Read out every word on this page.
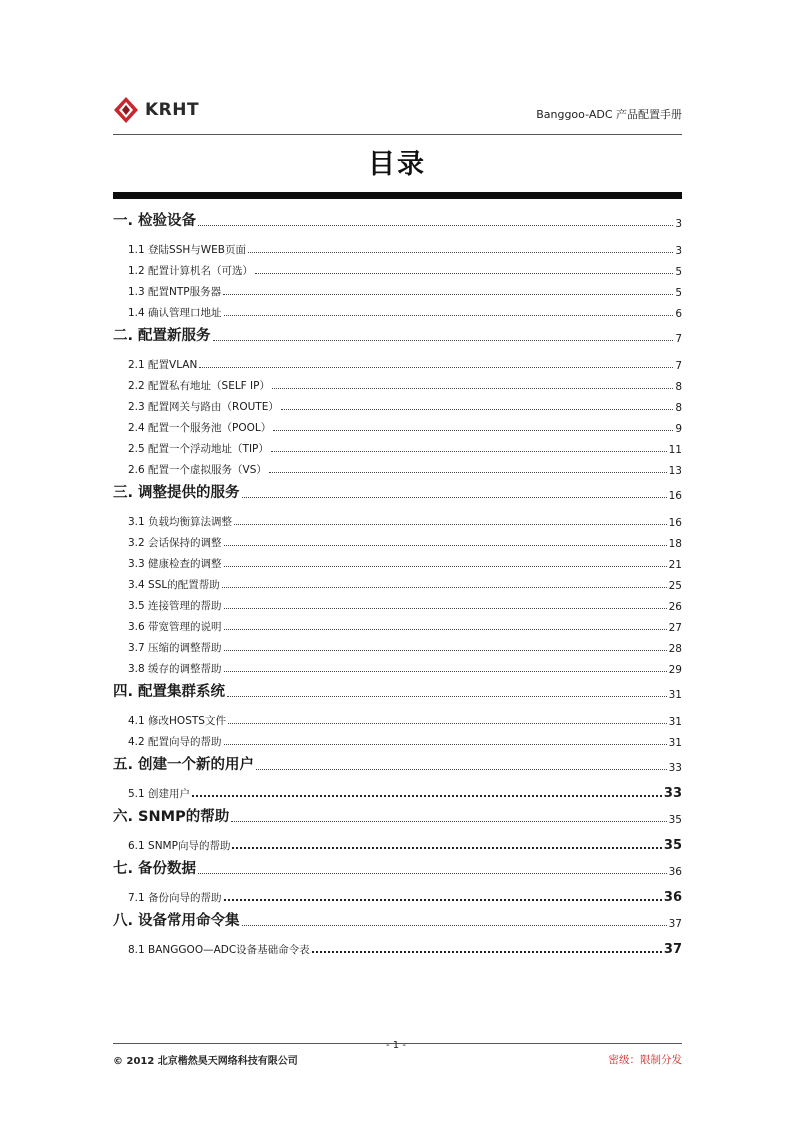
KRHT	Banggoo-ADC 产品配置手册
目录
一. 检验设备	3
1.1 登陆SSH与WEB页面	3
1.2 配置计算机名（可选）	5
1.3 配置NTP服务器	5
1.4 确认管理口地址	6
二. 配置新服务	7
2.1 配置VLAN	7
2.2 配置私有地址（SELF IP）	8
2.3 配置网关与路由（ROUTE）	8
2.4 配置一个服务池（POOL）	9
2.5 配置一个浮动地址（TIP）	11
2.6 配置一个虚拟服务（VS）	13
三. 调整提供的服务	16
3.1 负载均衡算法调整	16
3.2 会话保持的调整	18
3.3 健康检查的调整	21
3.4 SSL的配置帮助	25
3.5 连接管理的帮助	26
3.6 带宽管理的说明	27
3.7 压缩的调整帮助	28
3.8 缓存的调整帮助	29
四. 配置集群系统	31
4.1 修改HOSTS文件	31
4.2 配置向导的帮助	31
五. 创建一个新的用户	33
5.1 创建用户	33
六. SNMP的帮助	35
6.1 SNMP向导的帮助	35
七. 备份数据	36
7.1 备份向导的帮助	36
八. 设备常用命令集	37
8.1 BANGGOO—ADC设备基础命令表	37
© 2012 北京楷然昊天网络科技有限公司
- 1 -
密级：限制分发
